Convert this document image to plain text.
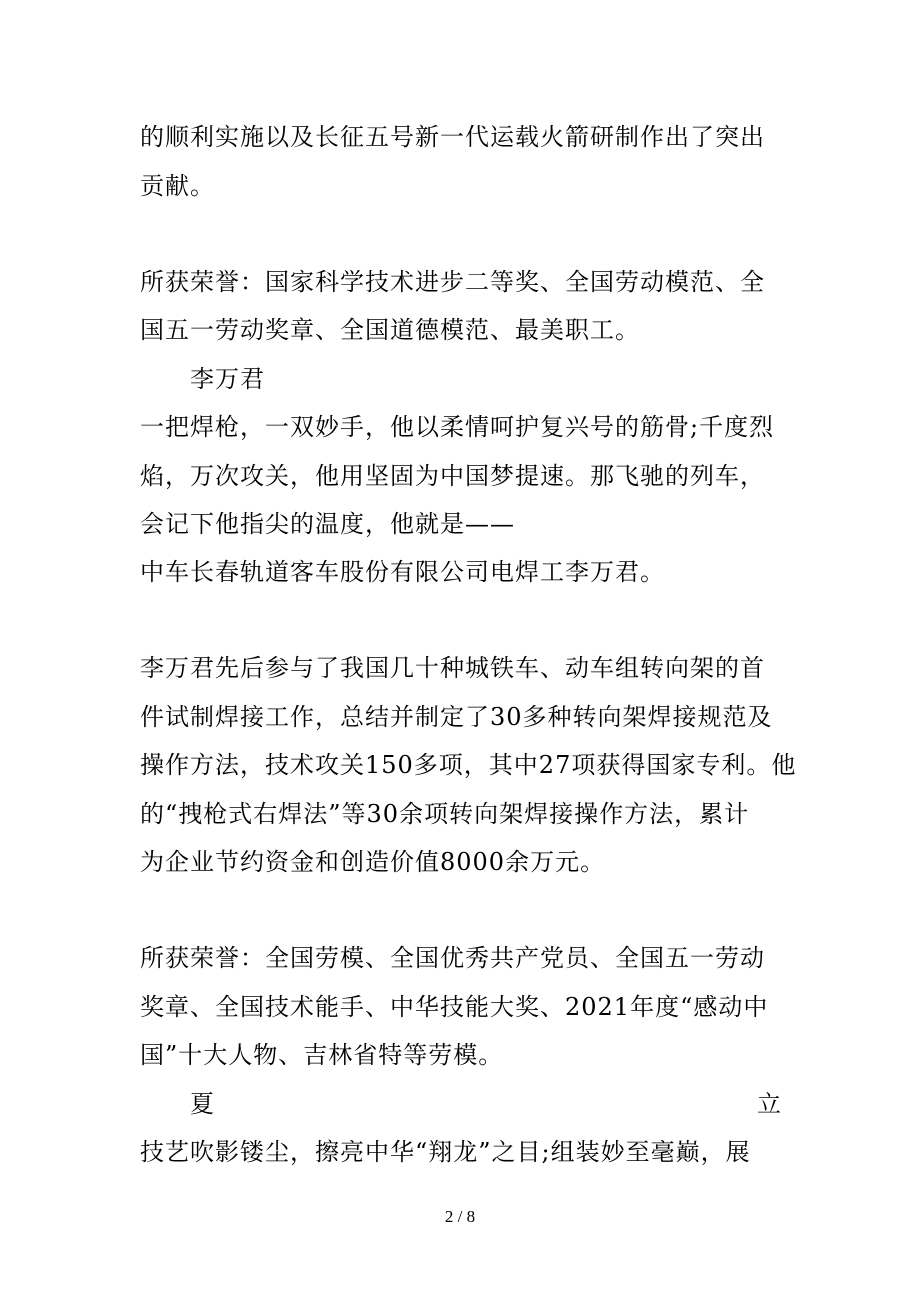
的顺利实施以及长征五号新一代运载火箭研制作出了突出
贡献。
所获荣誉：国家科学技术进步二等奖、全国劳动模范、全
国五一劳动奖章、全国道德模范、最美职工。
李万君
一把焊枪，一双妙手，他以柔情呵护复兴号的筋骨;千度烈
焰，万次攻关，他用坚固为中国梦提速。那飞驰的列车，
会记下他指尖的温度，他就是——
中车长春轨道客车股份有限公司电焊工李万君。
李万君先后参与了我国几十种城铁车、动车组转向架的首
件试制焊接工作，总结并制定了30多种转向架焊接规范及
操作方法，技术攻关150多项，其中27项获得国家专利。他
的“拽枪式右焊法”等30余项转向架焊接操作方法，累计
为企业节约资金和创造价值8000余万元。
所获荣誉：全国劳模、全国优秀共产党员、全国五一劳动
奖章、全国技术能手、中华技能大奖、2021年度“感动中
国”十大人物、吉林省特等劳模。
夏	立
技艺吹影镂尘，擦亮中华“翔龙”之目;组装妙至毫巅，展
2 / 8
